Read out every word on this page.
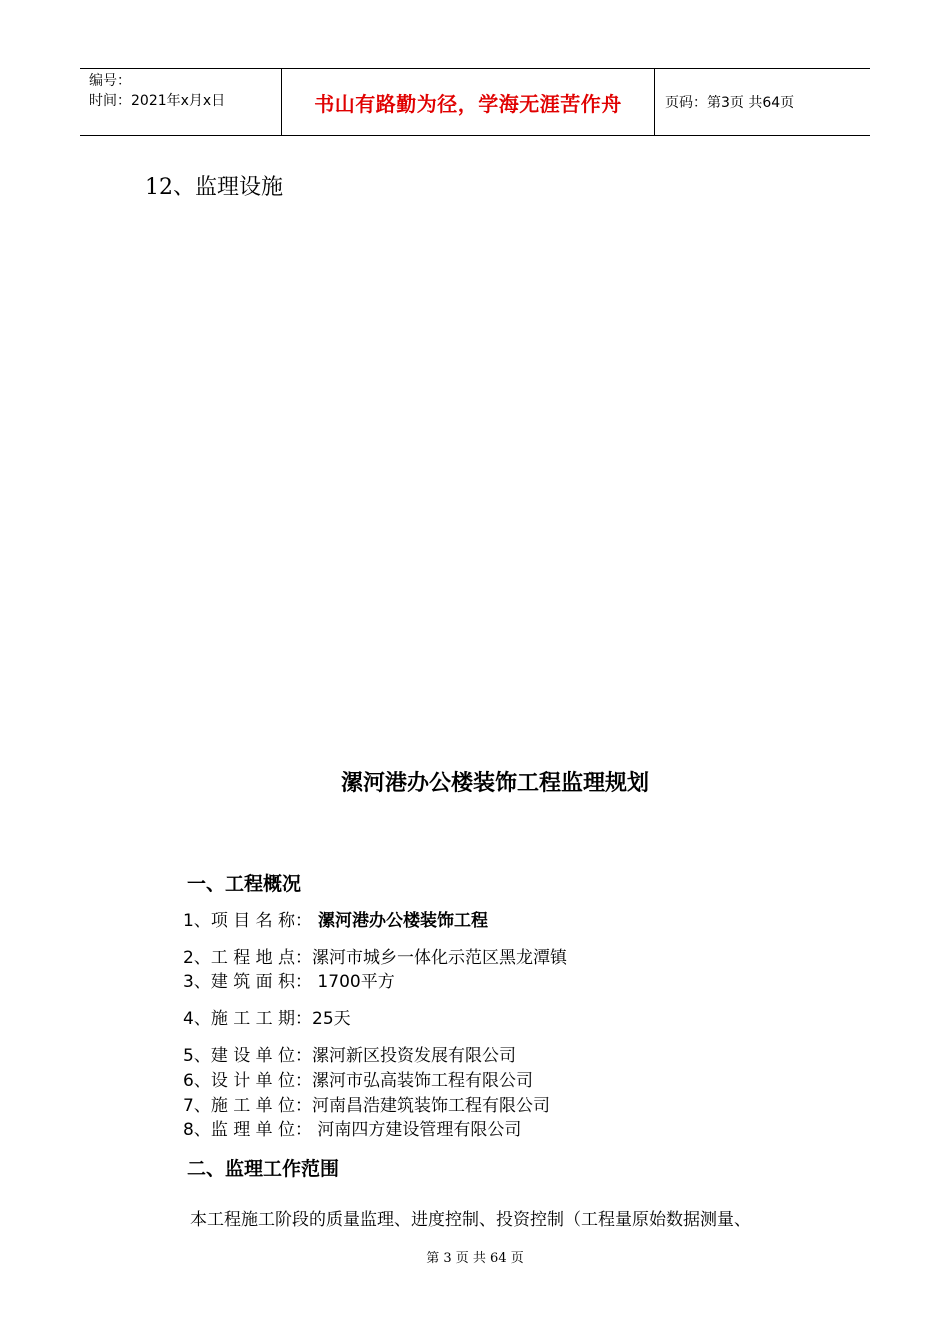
编号：
时间：2021年x月x日	书山有路勤为径，学海无涯苦作舟	页码：第3页 共64页
12、监理设施
漯河港办公楼装饰工程监理规划
一、工程概况
1、项 目 名 称： 漯河港办公楼装饰工程
2、工 程 地 点：漯河市城乡一体化示范区黑龙潭镇
3、建 筑 面 积： 1700平方
4、施 工 工 期：25天
5、建 设 单 位：漯河新区投资发展有限公司
6、设 计 单 位：漯河市弘高装饰工程有限公司
7、施 工 单 位：河南昌浩建筑装饰工程有限公司
8、监 理 单 位： 河南四方建设管理有限公司
二、监理工作范围
本工程施工阶段的质量监理、进度控制、投资控制（工程量原始数据测量、
第 3 页 共 64 页
